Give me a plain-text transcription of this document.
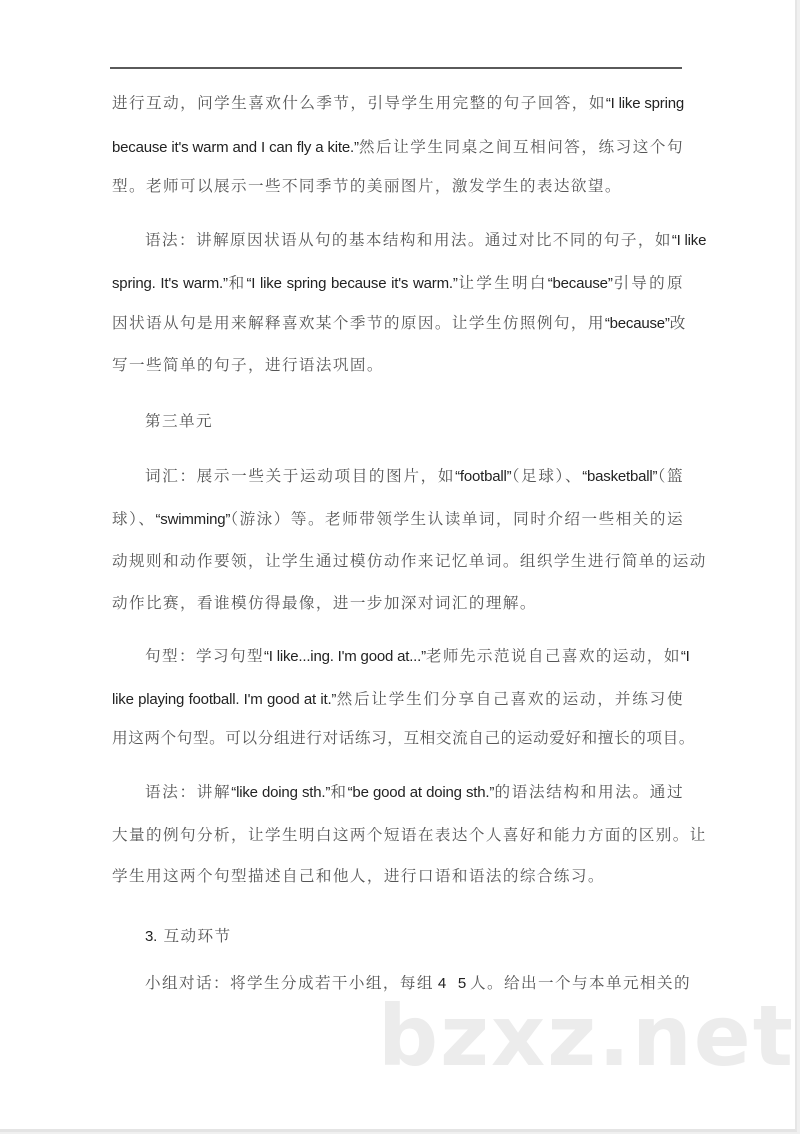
进行互动，问学生喜欢什么季节，引导学生用完整的句子回答，如“I like spring
because it's warm and I can fly a kite.”然后让学生同桌之间互相问答，练习这个句
型。老师可以展示一些不同季节的美丽图片，激发学生的表达欲望。
语法：讲解原因状语从句的基本结构和用法。通过对比不同的句子，如“I like
spring. It's warm.”和“I like spring because it's warm.”让学生明白“because”引导的原
因状语从句是用来解释喜欢某个季节的原因。让学生仿照例句，用“because”改
写一些简单的句子，进行语法巩固。
第三单元
词汇：展示一些关于运动项目的图片，如“football”（足球）、“basketball”（篮
球）、“swimming”（游泳）等。老师带领学生认读单词，同时介绍一些相关的运
动规则和动作要领，让学生通过模仿动作来记忆单词。组织学生进行简单的运动
动作比赛，看谁模仿得最像，进一步加深对词汇的理解。
句型：学习句型“I like...ing. I'm good at...”老师先示范说自己喜欢的运动，如“I
like playing football. I'm good at it.”然后让学生们分享自己喜欢的运动，并练习使
用这两个句型。可以分组进行对话练习，互相交流自己的运动爱好和擅长的项目。
语法：讲解“like doing sth.”和“be good at doing sth.”的语法结构和用法。通过
大量的例句分析，让学生明白这两个短语在表达个人喜好和能力方面的区别。让
学生用这两个句型描述自己和他人，进行口语和语法的综合练习。
3. 互动环节
小组对话：将学生分成若干小组，每组 4   5 人。给出一个与本单元相关的
bzxz.net
